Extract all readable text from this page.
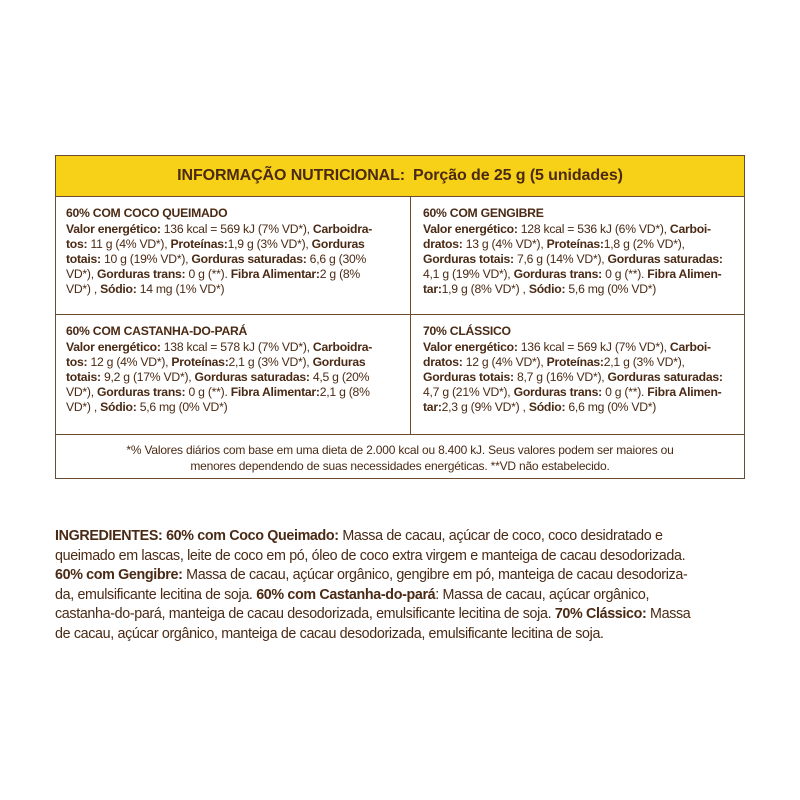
INFORMAÇÃO NUTRICIONAL: Porção de 25 g (5 unidades)
60% COM COCO QUEIMADO
Valor energético: 136 kcal = 569 kJ (7% VD*), Carboidra-
tos: 11 g (4% VD*), Proteínas:1,9 g (3% VD*), Gorduras
totais: 10 g (19% VD*), Gorduras saturadas: 6,6 g (30%
VD*), Gorduras trans: 0 g (**). Fibra Alimentar:2 g (8%
VD*) , Sódio: 14 mg (1% VD*)
60% COM GENGIBRE
Valor energético: 128 kcal = 536 kJ (6% VD*), Carboi-
dratos: 13 g (4% VD*), Proteínas:1,8 g (2% VD*),
Gorduras totais: 7,6 g (14% VD*), Gorduras saturadas:
4,1 g (19% VD*), Gorduras trans: 0 g (**). Fibra Alimen-
tar:1,9 g (8% VD*) , Sódio: 5,6 mg (0% VD*)
60% COM CASTANHA-DO-PARÁ
Valor energético: 138 kcal = 578 kJ (7% VD*), Carboidra-
tos: 12 g (4% VD*), Proteínas:2,1 g (3% VD*), Gorduras
totais: 9,2 g (17% VD*), Gorduras saturadas: 4,5 g (20%
VD*), Gorduras trans: 0 g (**). Fibra Alimentar:2,1 g (8%
VD*) , Sódio: 5,6 mg (0% VD*)
70% CLÁSSICO
Valor energético: 136 kcal = 569 kJ (7% VD*), Carboi-
dratos: 12 g (4% VD*), Proteínas:2,1 g (3% VD*),
Gorduras totais: 8,7 g (16% VD*), Gorduras saturadas:
4,7 g (21% VD*), Gorduras trans: 0 g (**). Fibra Alimen-
tar:2,3 g (9% VD*) , Sódio: 6,6 mg (0% VD*)
*% Valores diários com base em uma dieta de 2.000 kcal ou 8.400 kJ. Seus valores podem ser maiores ou
menores dependendo de suas necessidades energéticas. **VD não estabelecido.
INGREDIENTES: 60% com Coco Queimado: Massa de cacau, açúcar de coco, coco desidratado e
queimado em lascas, leite de coco em pó, óleo de coco extra virgem e manteiga de cacau desodorizada.
60% com Gengibre: Massa de cacau, açúcar orgânico, gengibre em pó, manteiga de cacau desodoriza-
da, emulsificante lecitina de soja. 60% com Castanha-do-pará: Massa de cacau, açúcar orgânico,
castanha-do-pará, manteiga de cacau desodorizada, emulsificante lecitina de soja. 70% Clássico: Massa
de cacau, açúcar orgânico, manteiga de cacau desodorizada, emulsificante lecitina de soja.
